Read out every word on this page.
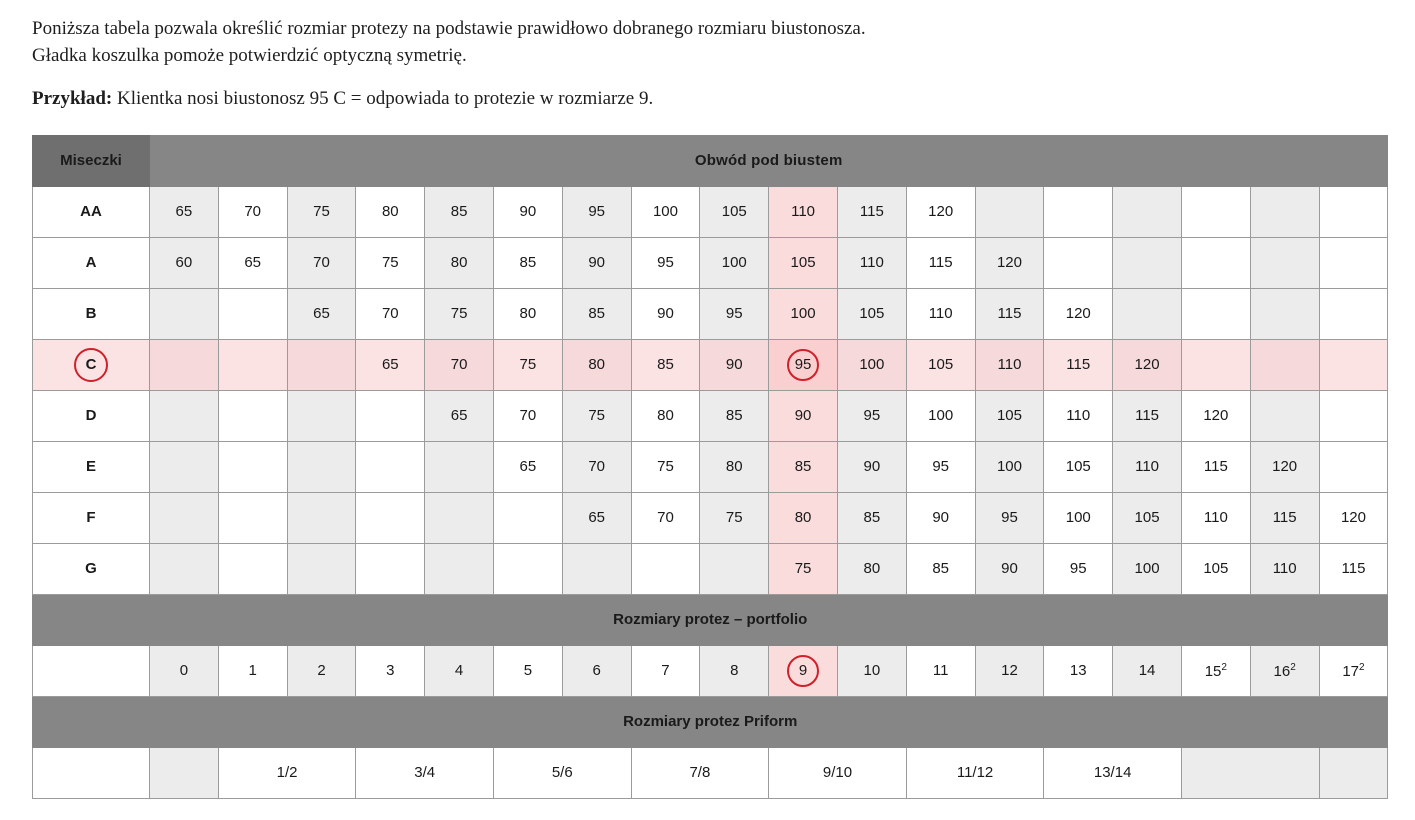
Poniższa tabela pozwala określić rozmiar protezy na podstawie prawidłowo dobranego rozmiaru biustonosza.
Gładka koszulka pomoże potwierdzić optyczną symetrię.

Przykład: Klientka nosi biustonosz 95 C = odpowiada to protezie w rozmiarze 9.

Miseczki	Obwód pod biustem																	
AA	65	70	75	80	85	90	95	100	105	110	115	120						
A	60	65	70	75	80	85	90	95	100	105	110	115	120					
B			65	70	75	80	85	90	95	100	105	110	115	120				
C				65	70	75	80	85	90	95	100	105	110	115	120			
D					65	70	75	80	85	90	95	100	105	110	115	120		
E						65	70	75	80	85	90	95	100	105	110	115	120	
F							65	70	75	80	85	90	95	100	105	110	115	120
G										75	80	85	90	95	100	105	110	115
Rozmiary protez – portfolio																		
	0	1	2	3	4	5	6	7	8	9	10	11	12	13	14	$15^2$	$16^2$	$17^2$
Rozmiary protez Priform																		
		1/2		3/4		5/6		7/8		9/10		11/12		13/14				
